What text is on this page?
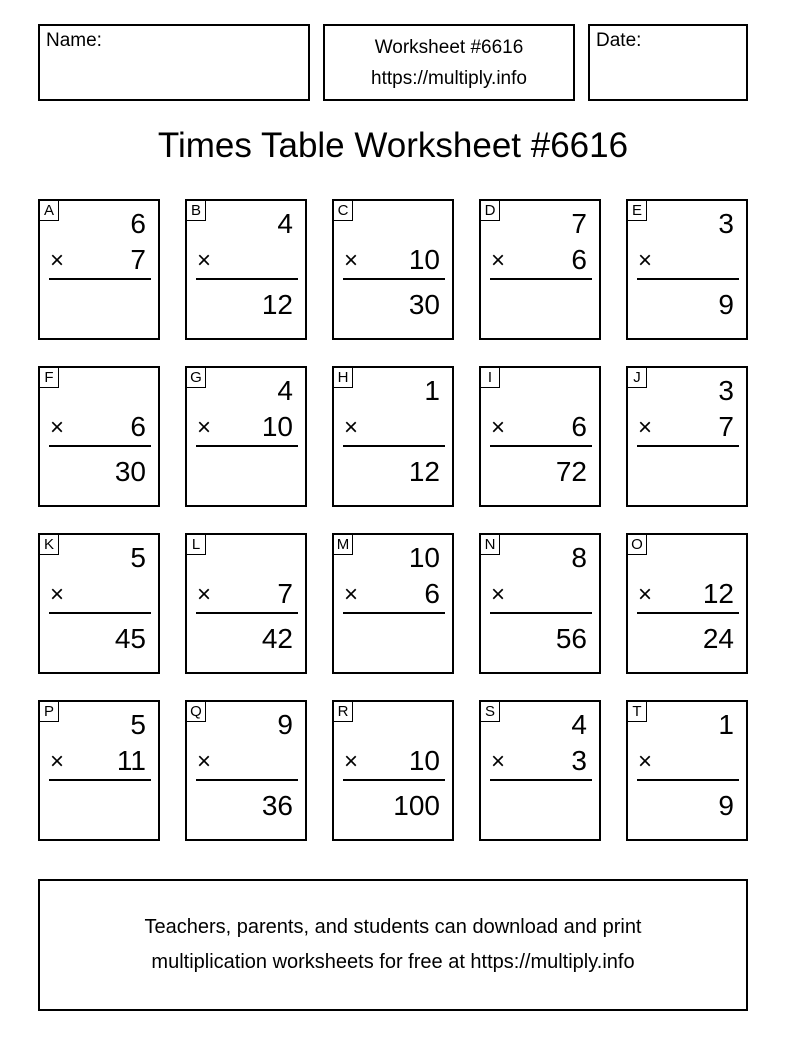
Name:	Worksheet #6616
https://multiply.info
Date:
Times Table Worksheet #6616
A	6
× 7
B	4
×
12
C
× 10
30
D	7
× 6
E	3
×
9
F
× 6
30
G	4
× 10
H	1
×
12
I
× 6
72
J	3
× 7
K	5
×
45
L
× 7
42
M 10
× 6
N	8
×
56
O
× 12
24
P	5
× 11
Q	9
×
36
R
× 10
100
S	4
× 3
T	1
×
9
Teachers, parents, and students can download and print
multiplication worksheets for free at https://multiply.info
